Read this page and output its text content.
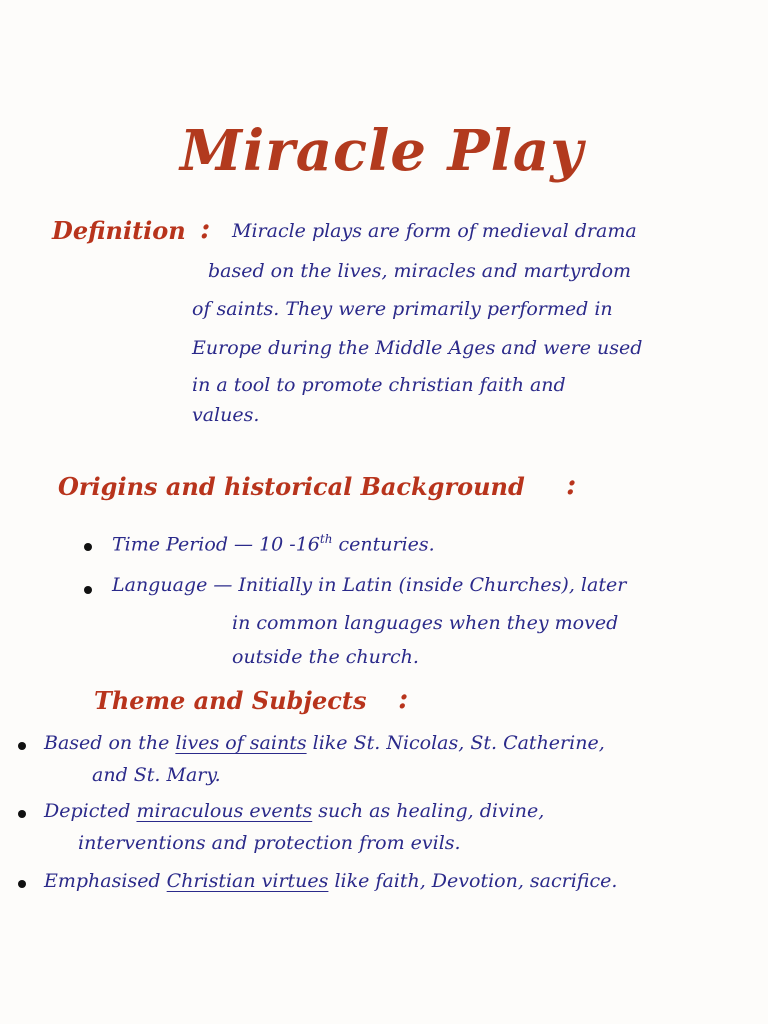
Miracle Play
Definition : Miracle plays are form of medieval drama
based on the lives, miracles and martyrdom
of saints. They were primarily performed in
Europe during the Middle Ages and were used
in a tool to promote christian faith and
values.
Origins and historical Background :
Time Period — 10 -16th centuries.
Language — Initially in Latin (inside Churches), later
in common languages when they moved
outside the church.
Theme and Subjects :
Based on the lives of saints like St. Nicolas, St. Catherine,
and St. Mary.
Depicted miraculous events such as healing, divine,
interventions and protection from evils.
Emphasised Christian virtues like faith, Devotion, sacrifice.
